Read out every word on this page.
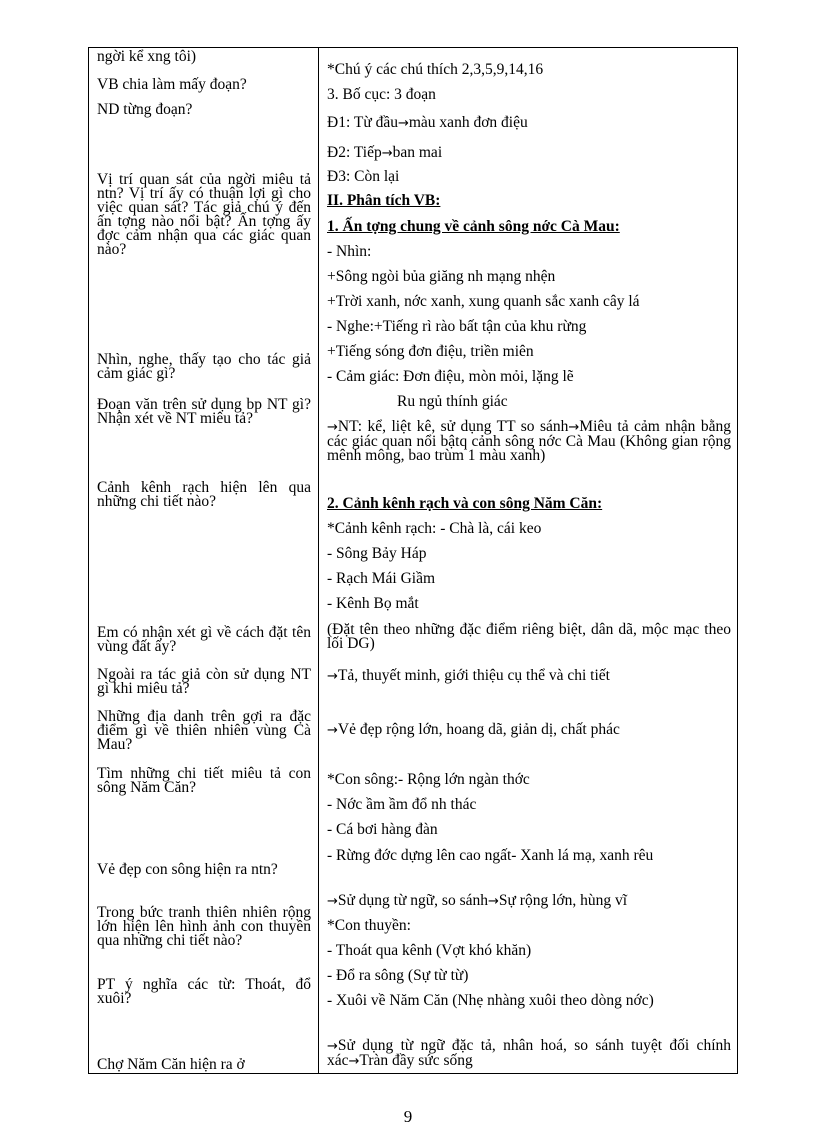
ngời kể xng tôi)
VB chia làm mấy đoạn?
ND từng đoạn?
Vị trí quan sát của ngời miêu tả ntn? Vị trí ấy có thuận lợi gì cho việc quan sát? Tác giả chú ý đến ấn tợng nào nổi bật? Ấn tợng ấy đợc cảm nhận qua các giác quan nào?
Nhìn, nghe, thấy tạo cho tác giả cảm giác gì?
Đoạn văn trên sử dụng bp NT gì? Nhận xét về NT miêu tả?
Cảnh kênh rạch hiện lên qua những chi tiết nào?
Em có nhận xét gì về cách đặt tên vùng đất ấy?
Ngoài ra tác giả còn sử dụng NT gì khi miêu tả?
Những địa danh trên gợi ra đặc điểm gì về thiên nhiên vùng Cà Mau?
Tìm những chi tiết miêu tả con sông Năm Căn?
Vẻ đẹp con sông hiện ra ntn?
Trong bức tranh thiên nhiên rộng lớn hiện lên hình ảnh con thuyền qua những chi tiết nào?
PT ý nghĩa các từ: Thoát, đổ xuôi?
Chợ Năm Căn hiện ra ở
*Chú ý các chú thích 2,3,5,9,14,16
3. Bố cục: 3 đoạn
Đ1: Từ đầu→màu xanh đơn điệu
Đ2: Tiếp→ban mai
Đ3: Còn lại
II. Phân tích VB:
1. Ấn tợng chung về cảnh sông nớc Cà Mau:
- Nhìn:
+Sông ngòi bủa giăng nh mạng nhện
+Trời xanh, nớc xanh, xung quanh sắc xanh cây lá
- Nghe:+Tiếng rì rào bất tận của khu rừng
+Tiếng sóng đơn điệu, triền miên
- Cảm giác: Đơn điệu, mòn mỏi, lặng lẽ
Ru ngủ thính giác
→NT: kể, liệt kê, sử dụng TT so sánh→Miêu tả cảm nhận bằng các giác quan nổi bậtq cảnh sông nớc Cà Mau (Không gian rộng mênh mông, bao trùm 1 màu xanh)
2. Cảnh kênh rạch và con sông Năm Căn:
*Cảnh kênh rạch: - Chà là, cái keo
- Sông Bảy Háp
- Rạch Mái Giầm
- Kênh Bọ mắt
(Đặt tên theo những đặc điểm riêng biệt, dân dã, mộc mạc theo lối DG)
→Tả, thuyết minh, giới thiệu cụ thể và chi tiết
→Vẻ đẹp rộng lớn, hoang dã, giản dị, chất phác
*Con sông:- Rộng lớn ngàn thớc
- Nớc ầm ầm đổ nh thác
- Cá bơi hàng đàn
- Rừng đớc dựng lên cao ngất- Xanh lá mạ, xanh rêu
→Sử dụng từ ngữ, so sánh→Sự rộng lớn, hùng vĩ
*Con thuyền:
- Thoát qua kênh (Vợt khó khăn)
- Đổ ra sông (Sự từ từ)
- Xuôi về Năm Căn (Nhẹ nhàng xuôi theo dòng nớc)
→Sử dụng từ ngữ đặc tả, nhân hoá, so sánh tuyệt đối chính xác→Tràn đầy sức sống
9
